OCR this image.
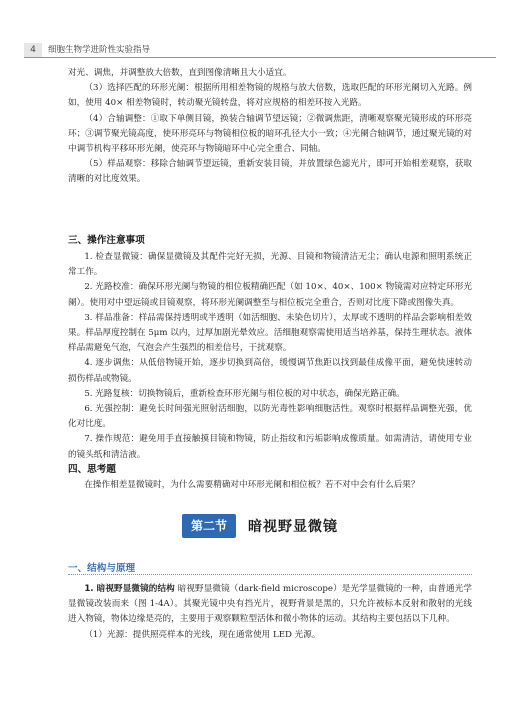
4	细胞生物学进阶性实验指导

对光、调焦，并调整放大倍数，直到图像清晰且大小适宜。

（3）选择匹配的环形光阑：根据所用相差物镜的规格与放大倍数，选取匹配的环形光阑切入光路。例如，使用 40× 相差物镜时，转动聚光镜转盘，将对应规格的相差环按入光路。

（4）合轴调整：①取下单侧目镜，换装合轴调节望远镜；②微调焦距，清晰观察聚光镜形成的环形亮环；③调节聚光镜高度，使环形亮环与物镜相位板的暗环孔径大小一致；④光阑合轴调节，通过聚光镜的对中调节机构平移环形光阑，使亮环与物镜暗环中心完全重合、同轴。

（5）样品观察：移除合轴调节望远镜，重新安装目镜，并放置绿色滤光片，即可开始相差观察，获取清晰的对比度效果。

三、操作注意事项

1. 检查显微镜：确保显微镜及其配件完好无损，光源、目镜和物镜清洁无尘；确认电源和照明系统正常工作。

2. 光路校准：确保环形光阑与物镜的相位板精确匹配（如 10×、40×、100× 物镜需对应特定环形光阑）。使用对中望远镜或目镜观察，将环形光阑调整至与相位板完全重合，否则对比度下降或图像失真。

3. 样品准备：样品需保持透明或半透明（如活细胞、未染色切片），太厚或不透明的样品会影响相差效果。样品厚度控制在 5μm 以内，过厚加剧光晕效应。活细胞观察需使用适当培养基，保持生理状态。液体样品需避免气泡，气泡会产生强烈的相差信号，干扰观察。

4. 逐步调焦：从低倍物镜开始，逐步切换到高倍，缓慢调节焦距以找到最佳成像平面，避免快速转动损伤样品或物镜。

5. 光路复核：切换物镜后，重新检查环形光阑与相位板的对中状态，确保光路正确。

6. 光强控制：避免长时间强光照射活细胞，以防光毒性影响细胞活性。观察时根据样品调整光强，优化对比度。

7. 操作规范：避免用手直接触摸目镜和物镜，防止指纹和污垢影响成像质量。如需清洁，请使用专业的镜头纸和清洁液。

四、思考题

在操作相差显微镜时，为什么需要精确对中环形光阑和相位板？若不对中会有什么后果？

第二节	暗视野显微镜
一、结构与原理

1. 暗视野显微镜的结构 暗视野显微镜（dark-field microscope）是光学显微镜的一种，由普通光学显微镜改装而来（图 1-4A）。其聚光镜中央有挡光片，视野背景是黑的，只允许被标本反射和散射的光线进入物镜，物体边缘是亮的，主要用于观察颗粒型活体和微小物体的运动。其结构主要包括以下几种。

（1）光源：提供照亮样本的光线，现在通常使用 LED 光源。
